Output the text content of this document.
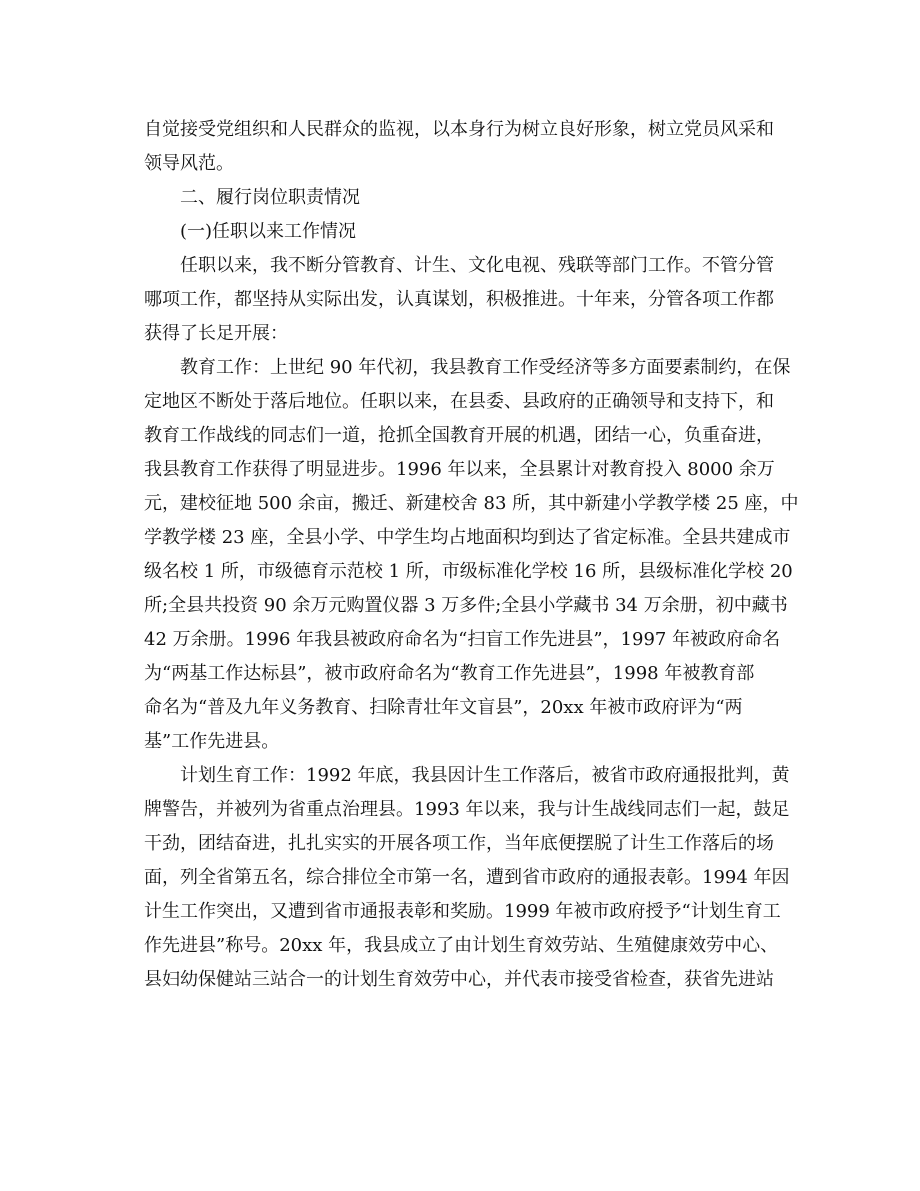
自觉接受党组织和人民群众的监视，以本身行为树立良好形象，树立党员风采和
领导风范。
二、履行岗位职责情况
(一)任职以来工作情况
任职以来，我不断分管教育、计生、文化电视、残联等部门工作。不管分管
哪项工作，都坚持从实际出发，认真谋划，积极推进。十年来，分管各项工作都
获得了长足开展：
教育工作：上世纪 90 年代初，我县教育工作受经济等多方面要素制约，在保
定地区不断处于落后地位。任职以来，在县委、县政府的正确领导和支持下，和
教育工作战线的同志们一道，抢抓全国教育开展的机遇，团结一心，负重奋进，
我县教育工作获得了明显进步。1996 年以来，全县累计对教育投入 8000 余万
元，建校征地 500 余亩，搬迁、新建校舍 83 所，其中新建小学教学楼 25 座，中
学教学楼 23 座，全县小学、中学生均占地面积均到达了省定标准。全县共建成市
级名校 1 所，市级德育示范校 1 所，市级标准化学校 16 所，县级标准化学校 20
所;全县共投资 90 余万元购置仪器 3 万多件;全县小学藏书 34 万余册，初中藏书
42 万余册。1996 年我县被政府命名为“扫盲工作先进县”，1997 年被政府命名
为“两基工作达标县”，被市政府命名为“教育工作先进县”，1998 年被教育部
命名为“普及九年义务教育、扫除青壮年文盲县”，20xx 年被市政府评为“两
基”工作先进县。
计划生育工作：1992 年底，我县因计生工作落后，被省市政府通报批判，黄
牌警告，并被列为省重点治理县。1993 年以来，我与计生战线同志们一起，鼓足
干劲，团结奋进，扎扎实实的开展各项工作，当年底便摆脱了计生工作落后的场
面，列全省第五名，综合排位全市第一名，遭到省市政府的通报表彰。1994 年因
计生工作突出，又遭到省市通报表彰和奖励。1999 年被市政府授予“计划生育工
作先进县”称号。20xx 年，我县成立了由计划生育效劳站、生殖健康效劳中心、
县妇幼保健站三站合一的计划生育效劳中心，并代表市接受省检查，获省先进站
